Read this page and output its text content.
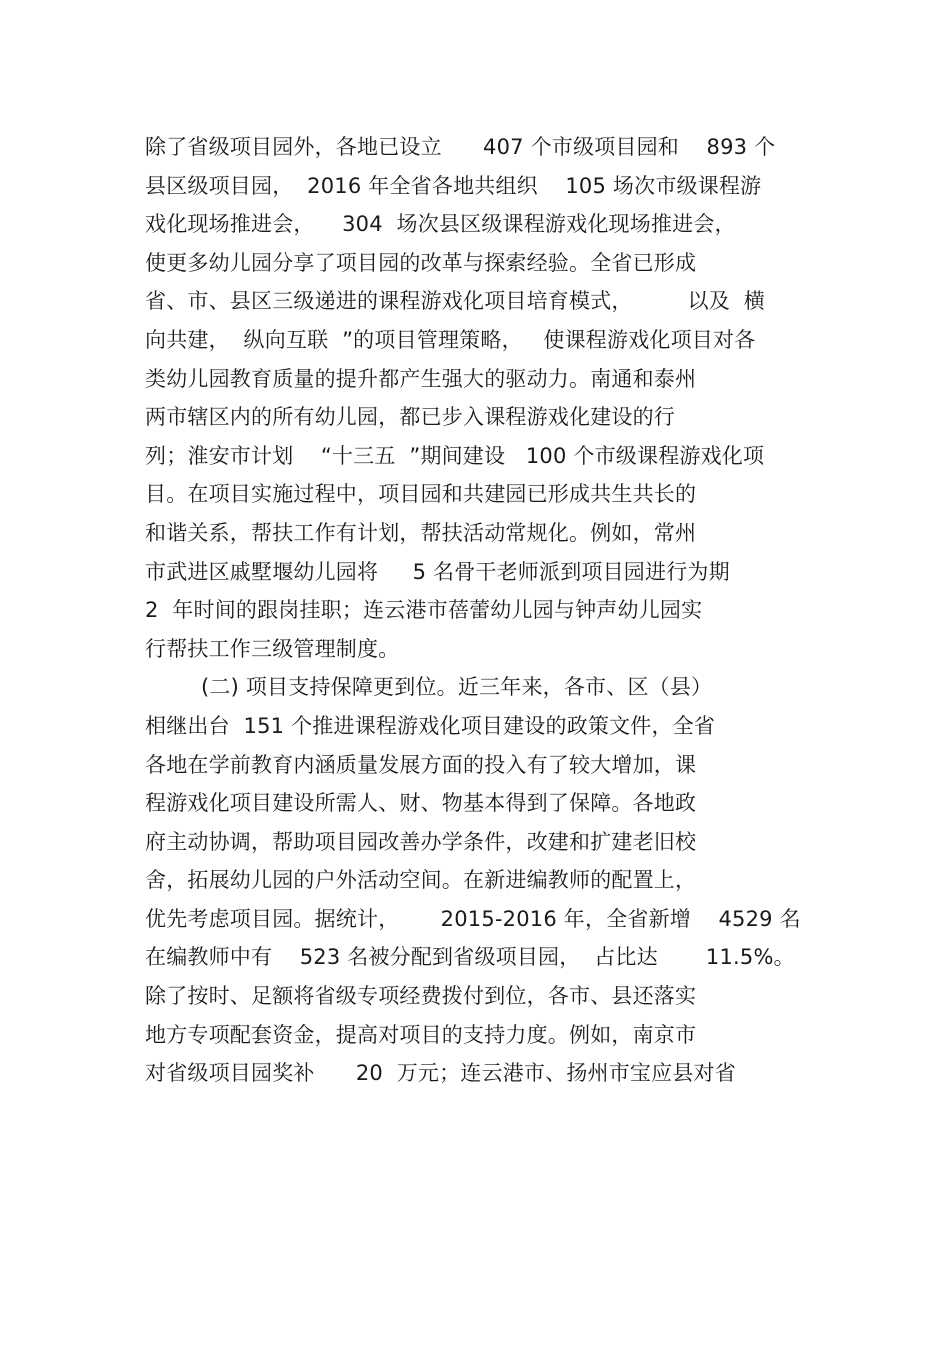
除了省级项目园外，各地已设立      407 个市级项目园和    893 个
县区级项目园，  2016 年全省各地共组织    105 场次市级课程游
戏化现场推进会，    304  场次县区级课程游戏化现场推进会，
使更多幼儿园分享了项目园的改革与探索经验。全省已形成
省、市、县区三级递进的课程游戏化项目培育模式，        以及  横
向共建，  纵向互联  ”的项目管理策略，   使课程游戏化项目对各
类幼儿园教育质量的提升都产生强大的驱动力。南通和泰州
两市辖区内的所有幼儿园，都已步入课程游戏化建设的行
列；淮安市计划    “十三五  ”期间建设   100 个市级课程游戏化项
目。在项目实施过程中，项目园和共建园已形成共生共长的
和谐关系，帮扶工作有计划，帮扶活动常规化。例如，常州
市武进区戚墅堰幼儿园将     5 名骨干老师派到项目园进行为期
2  年时间的跟岗挂职；连云港市蓓蕾幼儿园与钟声幼儿园实
行帮扶工作三级管理制度。
(二) 项目支持保障更到位。近三年来，各市、区（县）
相继出台  151 个推进课程游戏化项目建设的政策文件，全省
各地在学前教育内涵质量发展方面的投入有了较大增加，课
程游戏化项目建设所需人、财、物基本得到了保障。各地政
府主动协调，帮助项目园改善办学条件，改建和扩建老旧校
舍，拓展幼儿园的户外活动空间。在新进编教师的配置上，
优先考虑项目园。据统计，      2015-2016 年，全省新增    4529 名
在编教师中有    523 名被分配到省级项目园，  占比达       11.5%。
除了按时、足额将省级专项经费拨付到位，各市、县还落实
地方专项配套资金，提高对项目的支持力度。例如，南京市
对省级项目园奖补      20  万元；连云港市、扬州市宝应县对省
